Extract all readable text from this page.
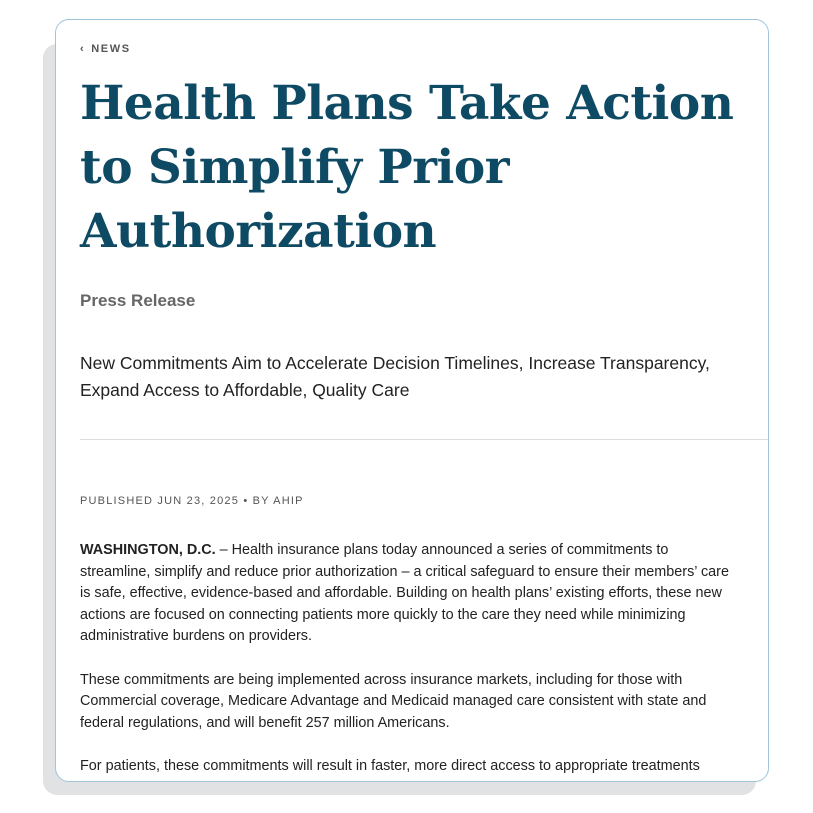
‹ NEWS
Health Plans Take Action to Simplify Prior Authorization
Press Release
New Commitments Aim to Accelerate Decision Timelines, Increase Transparency, Expand Access to Affordable, Quality Care
PUBLISHED JUN 23, 2025 • BY AHIP

WASHINGTON, D.C. – Health insurance plans today announced a series of commitments to streamline, simplify and reduce prior authorization – a critical safeguard to ensure their members’ care is safe, effective, evidence-based and affordable. Building on health plans’ existing efforts, these new actions are focused on connecting patients more quickly to the care they need while minimizing administrative burdens on providers.

These commitments are being implemented across insurance markets, including for those with Commercial coverage, Medicare Advantage and Medicaid managed care consistent with state and federal regulations, and will benefit 257 million Americans.

For patients, these commitments will result in faster, more direct access to appropriate treatments
